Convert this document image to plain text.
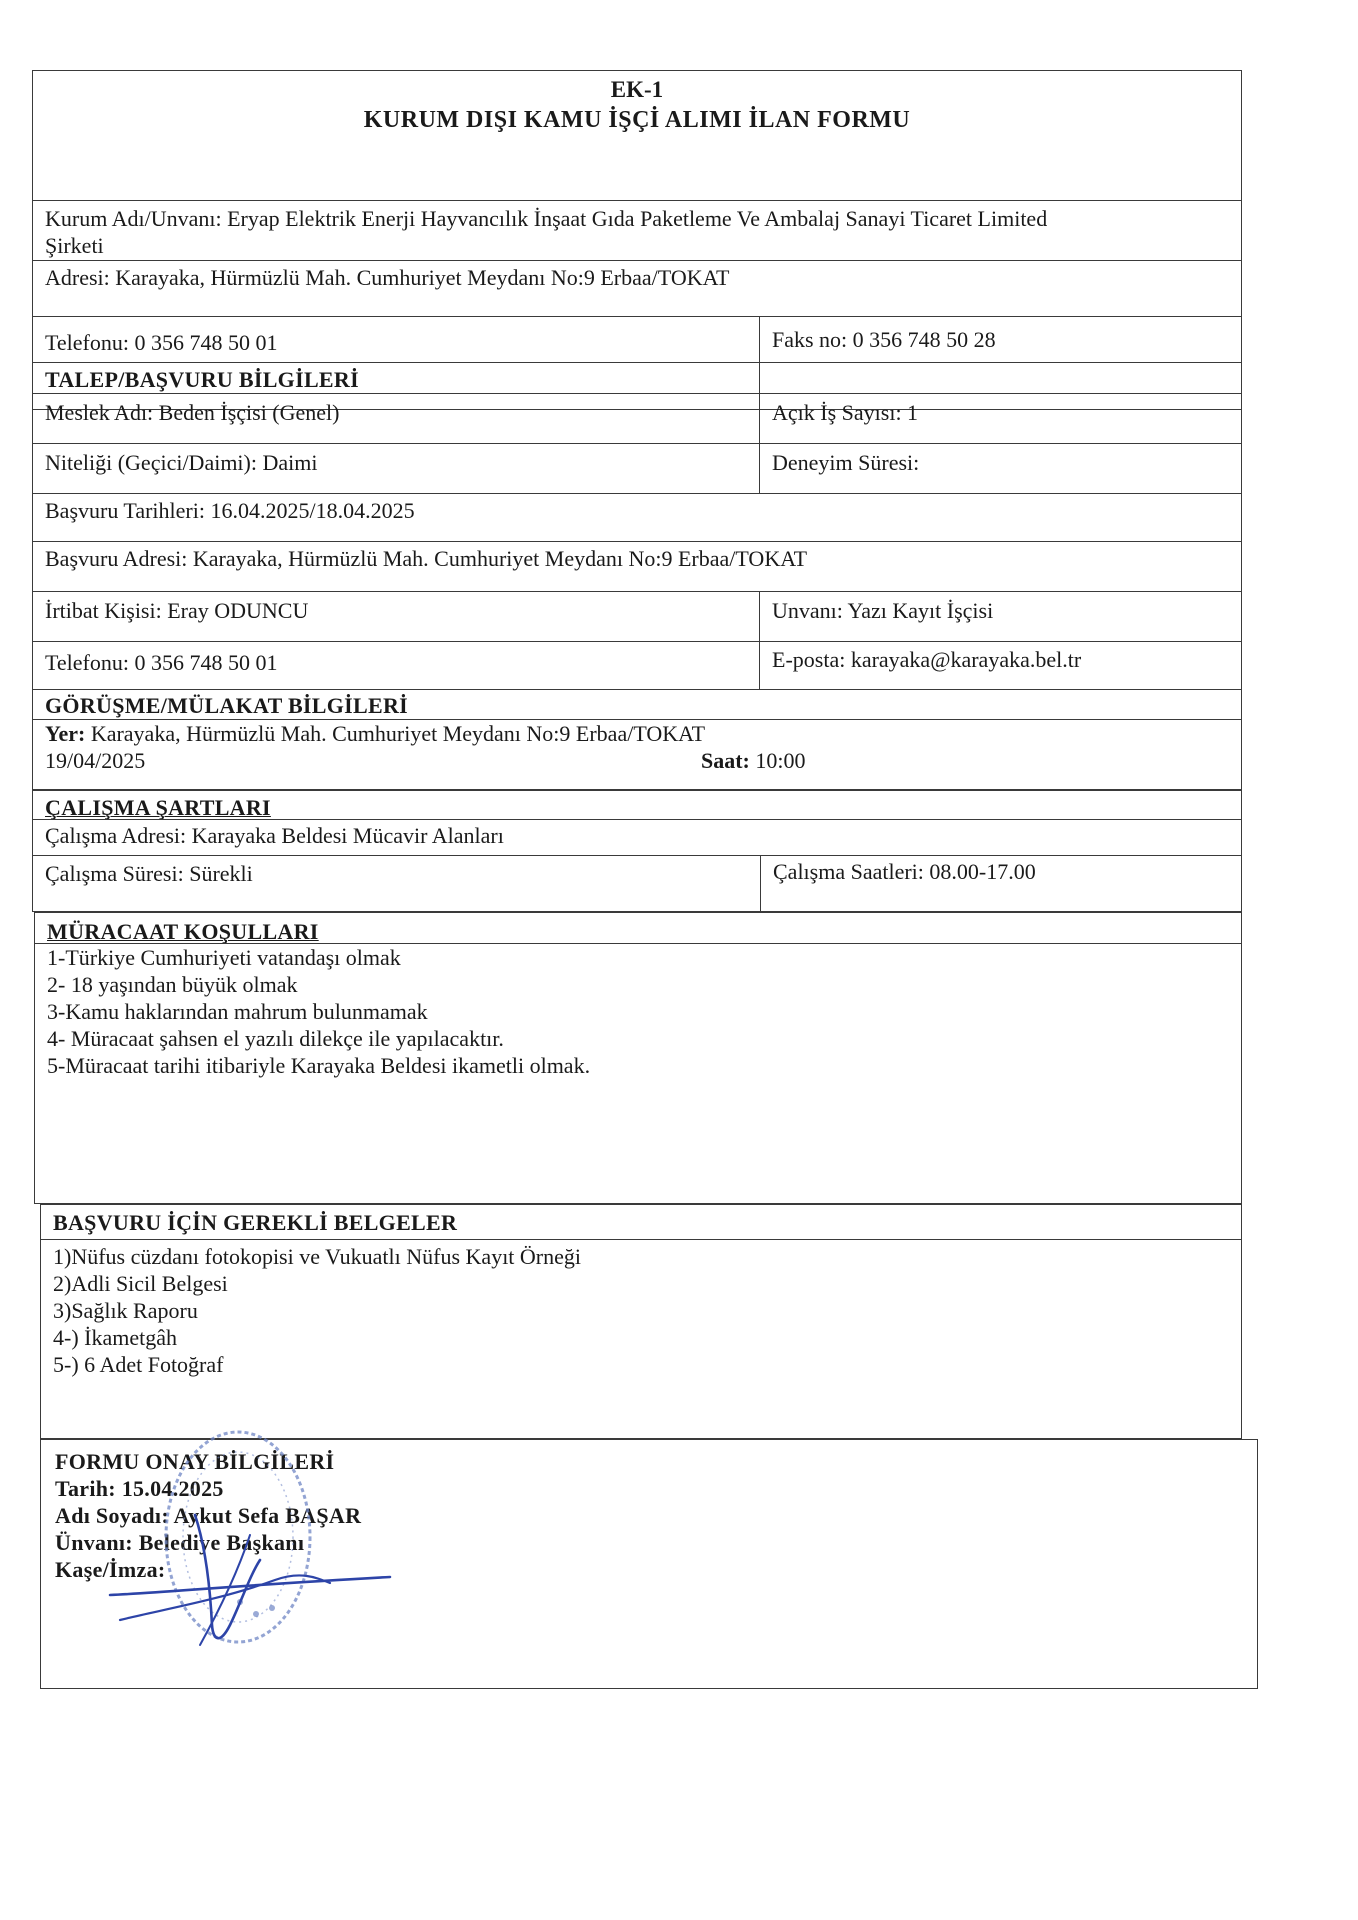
EK-1
KURUM DIŞI KAMU İŞÇİ ALIMI İLAN FORMU
Kurum Adı/Unvanı: Eryap Elektrik Enerji Hayvancılık İnşaat Gıda Paketleme Ve Ambalaj Sanayi Ticaret Limited
Şirketi
Adresi: Karayaka, Hürmüzlü Mah. Cumhuriyet Meydanı No:9 Erbaa/TOKAT
Telefonu: 0 356 748 50 01	Faks no: 0 356 748 50 28
TALEP/BAŞVURU BİLGİLERİ
Meslek Adı: Beden İşçisi (Genel)	Açık İş Sayısı: 1
Niteliği (Geçici/Daimi): Daimi	Deneyim Süresi:
Başvuru Tarihleri: 16.04.2025/18.04.2025
Başvuru Adresi: Karayaka, Hürmüzlü Mah. Cumhuriyet Meydanı No:9 Erbaa/TOKAT
İrtibat Kişisi: Eray ODUNCU	Unvanı: Yazı Kayıt İşçisi
Telefonu: 0 356 748 50 01	E-posta: karayaka@karayaka.bel.tr
GÖRÜŞME/MÜLAKAT BİLGİLERİ
Yer: Karayaka, Hürmüzlü Mah. Cumhuriyet Meydanı No:9 Erbaa/TOKAT
19/04/2025	Saat: 10:00
ÇALIŞMA ŞARTLARI
Çalışma Adresi: Karayaka Beldesi Mücavir Alanları
Çalışma Süresi: Sürekli	Çalışma Saatleri: 08.00-17.00
MÜRACAAT KOŞULLARI
1-Türkiye Cumhuriyeti vatandaşı olmak
2- 18 yaşından büyük olmak
3-Kamu haklarından mahrum bulunmamak
4- Müracaat şahsen el yazılı dilekçe ile yapılacaktır.
5-Müracaat tarihi itibariyle Karayaka Beldesi ikametli olmak.
BAŞVURU İÇİN GEREKLİ BELGELER
1)Nüfus cüzdanı fotokopisi ve Vukuatlı Nüfus Kayıt Örneği
2)Adli Sicil Belgesi
3)Sağlık Raporu
4-) İkametgâh
5-) 6 Adet Fotoğraf
FORMU ONAY BİLGİLERİ
Tarih: 15.04.2025
Adı Soyadı: Aykut Sefa BAŞAR
Ünvanı: Belediye Başkanı
Kaşe/İmza:
